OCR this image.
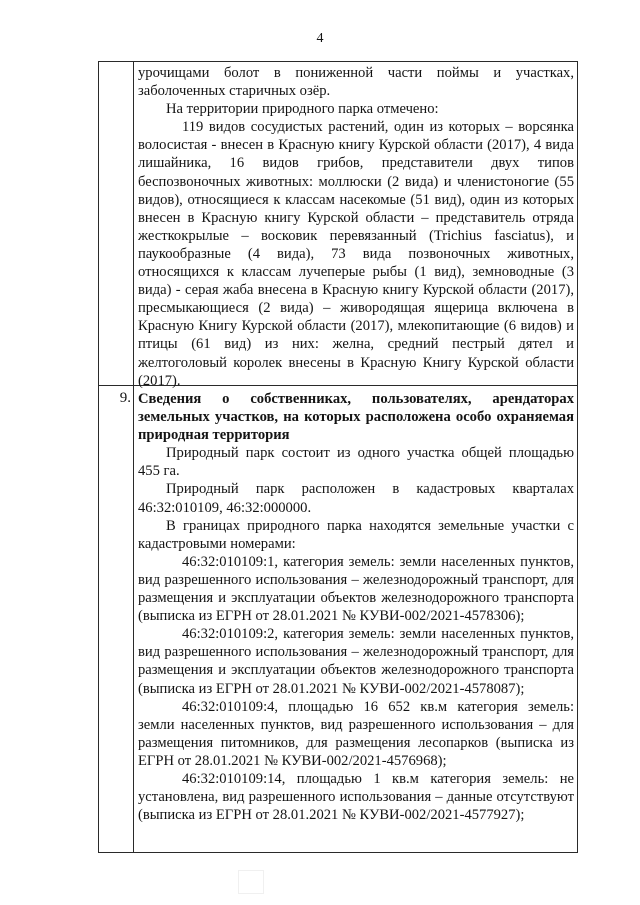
4

урочищами болот в пониженной части поймы и участках, заболоченных старичных озёр.

На территории природного парка отмечено:

119 видов сосудистых растений, один из которых – ворсянка волосистая - внесен в Красную книгу Курской области (2017), 4 вида лишайника, 16 видов грибов, представители двух типов беспозвоночных животных: моллюски (2 вида) и членистоногие (55 видов), относящиеся к классам насекомые (51 вид), один из которых внесен в Красную книгу Курской области – представитель отряда жесткокрылые – восковик перевязанный (Trichius fasciatus), и паукообразные (4 вида), 73 вида позвоночных животных, относящихся к классам лучеперые рыбы (1 вид), земноводные (3 вида) - серая жаба внесена в Красную книгу Курской области (2017), пресмыкающиеся (2 вида) – живородящая ящерица включена в Красную Книгу Курской области (2017), млекопитающие (6 видов) и птицы (61 вид) из них: желна, средний пестрый дятел и желтоголовый королек внесены в Красную Книгу Курской области (2017).

9. Сведения о собственниках, пользователях, арендаторах земельных участков, на которых расположена особо охраняемая природная территория

Природный парк состоит из одного участка общей площадью 455 га.

Природный парк расположен в кадастровых кварталах 46:32:010109, 46:32:000000.

В границах природного парка находятся земельные участки с кадастровыми номерами:

46:32:010109:1, категория земель: земли населенных пунктов, вид разрешенного использования – железнодорожный транспорт, для размещения и эксплуатации объектов железнодорожного транспорта (выписка из ЕГРН от 28.01.2021 № КУВИ-002/2021-4578306);

46:32:010109:2, категория земель: земли населенных пунктов, вид разрешенного использования – железнодорожный транспорт, для размещения и эксплуатации объектов железнодорожного транспорта (выписка из ЕГРН от 28.01.2021 № КУВИ-002/2021-4578087);

46:32:010109:4, площадью 16 652 кв.м категория земель: земли населенных пунктов, вид разрешенного использования – для размещения питомников, для размещения лесопарков (выписка из ЕГРН от 28.01.2021 № КУВИ-002/2021-4576968);

46:32:010109:14, площадью 1 кв.м категория земель: не установлена, вид разрешенного использования – данные отсутствуют (выписка из ЕГРН от 28.01.2021 № КУВИ-002/2021-4577927);
